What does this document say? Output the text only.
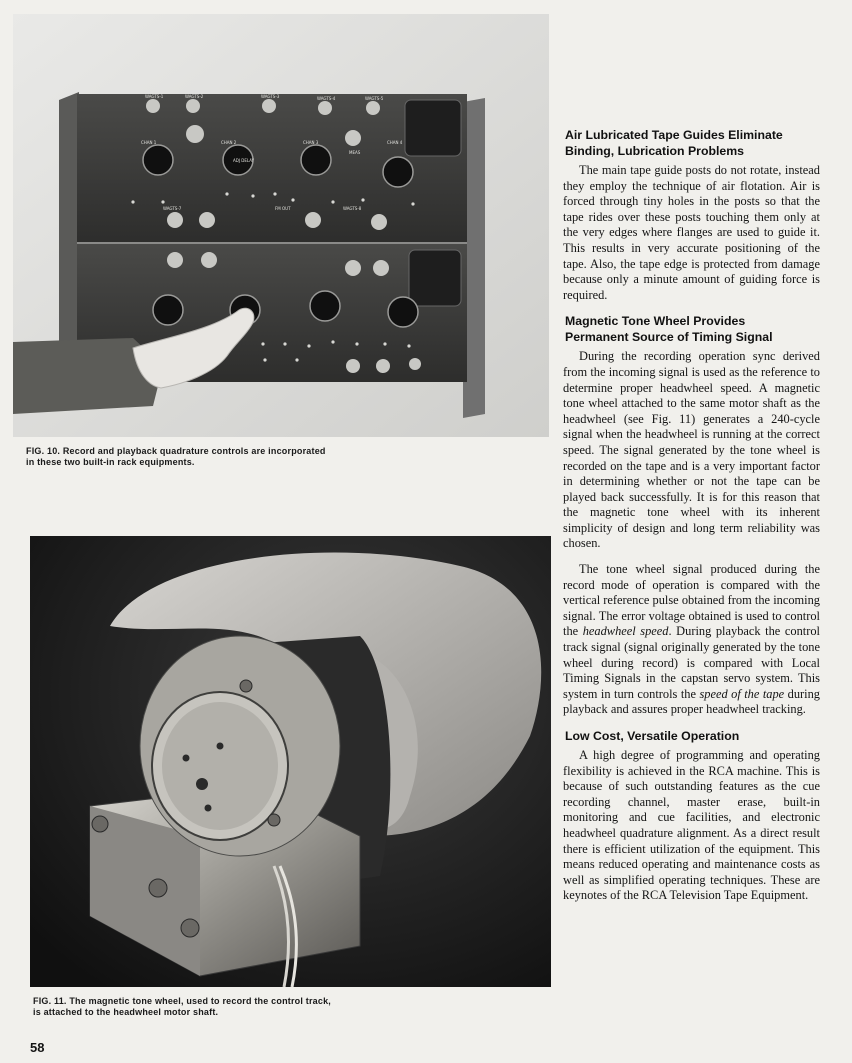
WAGTS-1	WAGTS-2	WAGTS-3	WAGTS-4	WAGTS-5
CHAN 1	CHAN 2	CHAN 3	CHAN 4
ADJ DELAY
FM OUT
MEAS
WAGTS-7	WAGTS-8

FIG. 10. Record and playback quadrature controls are incorporated in these two built-in rack equipments.

FIG. 11. The magnetic tone wheel, used to record the control track, is attached to the headwheel motor shaft.

Air Lubricated Tape Guides Eliminate
Binding, Lubrication Problems

The main tape guide posts do not rotate, instead they employ the technique of air flotation. Air is forced through tiny holes in the posts so that the tape rides over these posts touching them only at the very edges where flanges are used to guide it. This results in very accurate positioning of the tape. Also, the tape edge is protected from damage because only a minute amount of guiding force is required.

Magnetic Tone Wheel Provides
Permanent Source of Timing Signal

During the recording operation sync derived from the incoming signal is used as the reference to determine proper headwheel speed. A magnetic tone wheel attached to the same motor shaft as the headwheel (see Fig. 11) generates a 240-cycle signal when the headwheel is running at the correct speed. The signal generated by the tone wheel is recorded on the tape and is a very important factor in determining whether or not the tape can be played back successfully. It is for this reason that the magnetic tone wheel with its inherent simplicity of design and long term reliability was chosen.

The tone wheel signal produced during the record mode of operation is compared with the vertical reference pulse obtained from the incoming signal. The error voltage obtained is used to control the headwheel speed. During playback the control track signal (signal originally generated by the tone wheel during record) is compared with Local Timing Signals in the capstan servo system. This system in turn controls the speed of the tape during playback and assures proper headwheel tracking.

Low Cost, Versatile Operation

A high degree of programming and operating flexibility is achieved in the RCA machine. This is because of such outstanding features as the cue recording channel, master erase, built-in monitoring and cue facilities, and electronic headwheel quadrature alignment. As a direct result there is efficient utilization of the equipment. This means reduced operating and maintenance costs as well as simplified operating techniques. These are keynotes of the RCA Television Tape Equipment.

58
